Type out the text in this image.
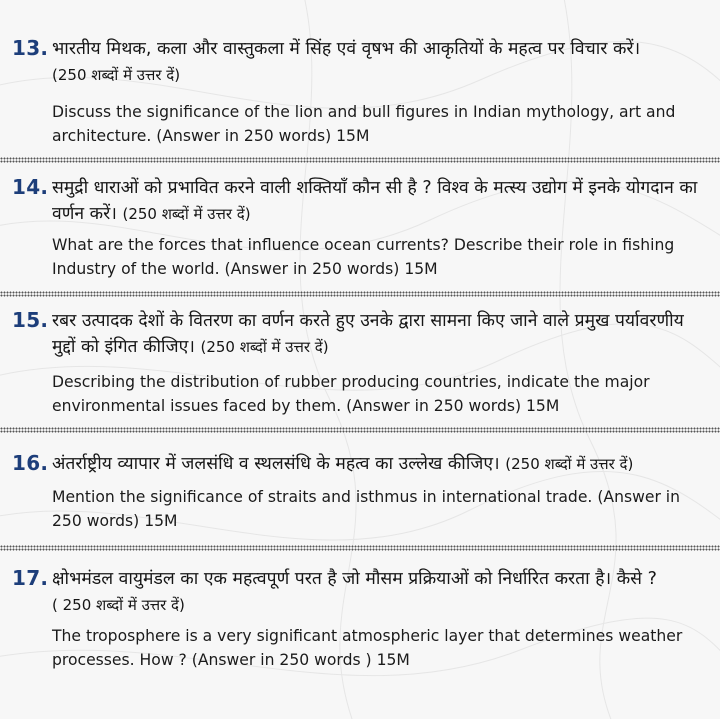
13. भारतीय मिथक, कला और वास्तुकला में सिंह एवं वृषभ की आकृतियों के महत्व पर विचार करें।
(250 शब्दों में उत्तर दें)
Discuss the significance of the lion and bull figures in Indian mythology, art and architecture. (Answer in 250 words) 15M
14. समुद्री धाराओं को प्रभावित करने वाली शक्तियाँ कौन सी है ? विश्व के मत्स्य उद्योग में इनके योगदान का वर्णन करें। (250 शब्दों में उत्तर दें)
What are the forces that influence ocean currents? Describe their role in fishing Industry of the world. (Answer in 250 words) 15M
15. रबर उत्पादक देशों के वितरण का वर्णन करते हुए उनके द्वारा सामना किए जाने वाले प्रमुख पर्यावरणीय मुद्दों को इंगित कीजिए। (250 शब्दों में उत्तर दें)
Describing the distribution of rubber producing countries, indicate the major environmental issues faced by them. (Answer in 250 words) 15M
16. अंतर्राष्ट्रीय व्यापार में जलसंधि व स्थलसंधि के महत्व का उल्लेख कीजिए। (250 शब्दों में उत्तर दें)
Mention the significance of straits and isthmus in international trade. (Answer in 250 words) 15M
17. क्षोभमंडल वायुमंडल का एक महत्वपूर्ण परत है जो मौसम प्रक्रियाओं को निर्धारित करता है। कैसे ?
( 250 शब्दों में उत्तर दें)
The troposphere is a very significant atmospheric layer that determines weather processes. How ? (Answer in 250 words ) 15M
